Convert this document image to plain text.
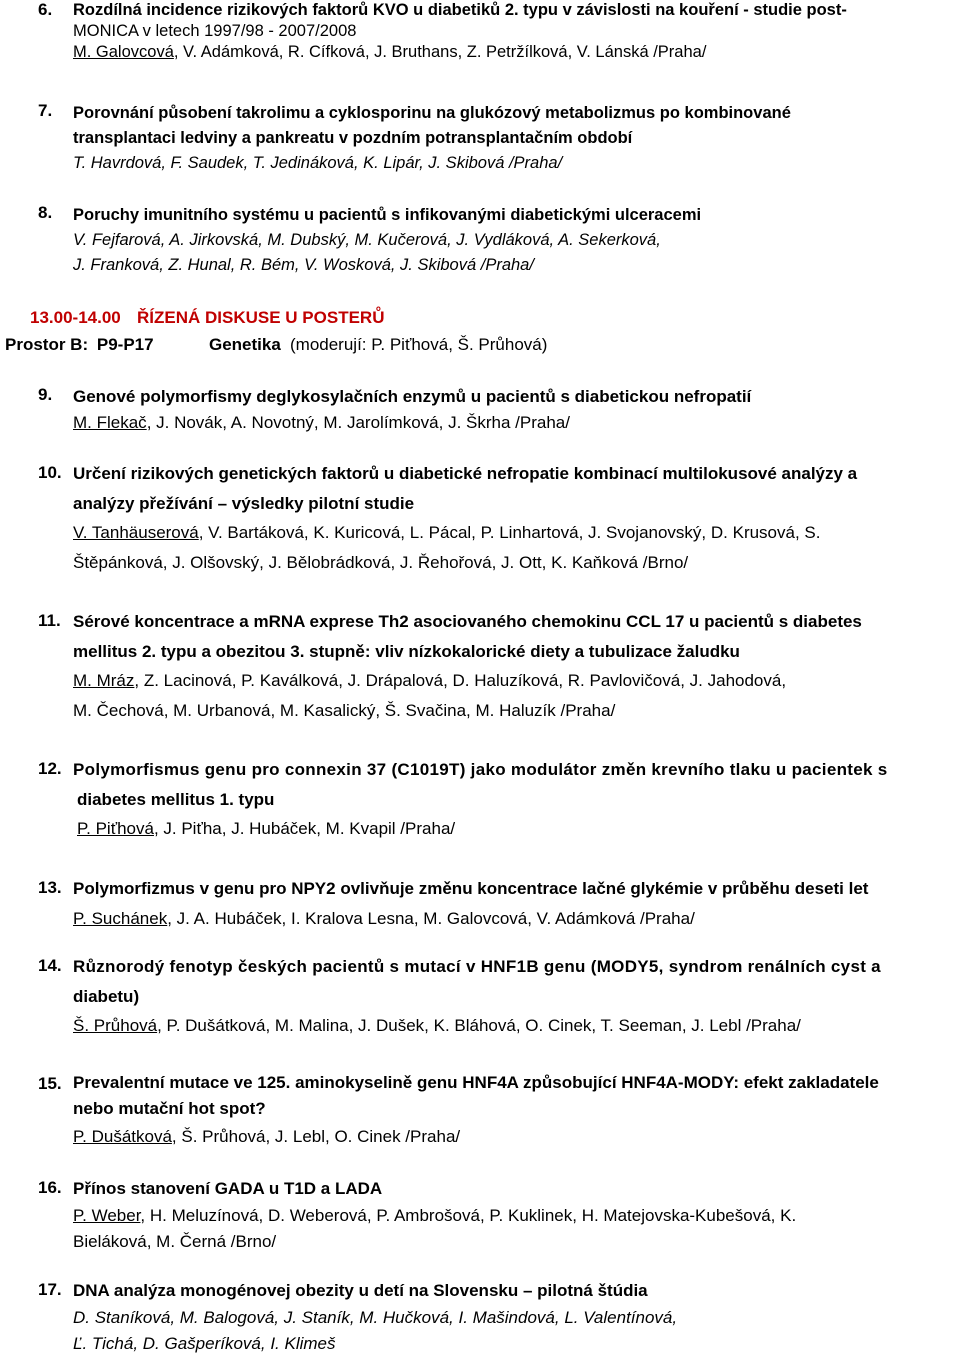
6. Rozdílná incidence rizikových faktorů KVO u diabetiků 2. typu v závislosti na kouření - studie post-
MONICA v letech 1997/98 - 2007/2008
M. Galovcová, V. Adámková, R. Cífková, J. Bruthans, Z. Petržílková, V. Lánská /Praha/
7. Porovnání působení takrolimu a cyklosporinu na glukózový metabolizmus po kombinované
transplantaci ledviny a pankreatu v pozdním potransplantačním období
T. Havrdová, F. Saudek, T. Jedináková, K. Lipár, J. Skibová /Praha/
8. Poruchy imunitního systému u pacientů s infikovanými diabetickými ulceracemi
V. Fejfarová, A. Jirkovská, M. Dubský, M. Kučerová, J. Vydláková, A. Sekerková,
J. Franková, Z. Hunal, R. Bém, V. Wosková, J. Skibová /Praha/
13.00-14.00 ŘÍZENÁ DISKUSE U POSTERŮ
Prostor B: P9-P17	Genetika (moderují: P. Piťhová, Š. Průhová)
9. Genové polymorfismy deglykosylačních enzymů u pacientů s diabetickou nefropatií
M. Flekač, J. Novák, A. Novotný, M. Jarolímková, J. Škrha /Praha/
10. Určení rizikových genetických faktorů u diabetické nefropatie kombinací multilokusové analýzy a
analýzy přežívání – výsledky pilotní studie
V. Tanhäuserová, V. Bartáková, K. Kuricová, L. Pácal, P. Linhartová, J. Svojanovský, D. Krusová, S.
Štěpánková, J. Olšovský, J. Bělobrádková, J. Řehořová, J. Ott, K. Kaňková /Brno/
11. Sérové koncentrace a mRNA exprese Th2 asociovaného chemokinu CCL 17 u pacientů s diabetes
mellitus 2. typu a obezitou 3. stupně: vliv nízkokalorické diety a tubulizace žaludku
M. Mráz, Z. Lacinová, P. Kaválková, J. Drápalová, D. Haluzíková, R. Pavlovičová, J. Jahodová,
M. Čechová, M. Urbanová, M. Kasalický, Š. Svačina, M. Haluzík /Praha/
12. Polymorfismus genu pro connexin 37 (C1019T) jako modulátor změn krevního tlaku u pacientek s
diabetes mellitus 1. typu
P. Piťhová, J. Piťha, J. Hubáček, M. Kvapil /Praha/
13. Polymorfizmus v genu pro NPY2 ovlivňuje změnu koncentrace lačné glykémie v průběhu deseti let
P. Suchánek, J. A. Hubáček, I. Kralova Lesna, M. Galovcová, V. Adámková /Praha/
14. Různorodý fenotyp českých pacientů s mutací v HNF1B genu (MODY5, syndrom renálních cyst a
diabetu)
Š. Průhová, P. Dušátková, M. Malina, J. Dušek, K. Bláhová, O. Cinek, T. Seeman, J. Lebl /Praha/
15. Prevalentní mutace ve 125. aminokyselině genu HNF4A způsobující HNF4A-MODY: efekt zakladatele
nebo mutační hot spot?
P. Dušátková, Š. Průhová, J. Lebl, O. Cinek /Praha/
16. Přínos stanovení GADA u T1D a LADA
P. Weber, H. Meluzínová, D. Weberová, P. Ambrošová, P. Kuklinek, H. Matejovska-Kubešová, K.
Bieláková, M. Černá /Brno/
17. DNA analýza monogénovej obezity u detí na Slovensku – pilotná štúdia
D. Staníková, M. Balogová, J. Staník, M. Hučková, I. Mašindová, L. Valentínová,
Ľ. Tichá, D. Gašperíková, I. Klimeš
